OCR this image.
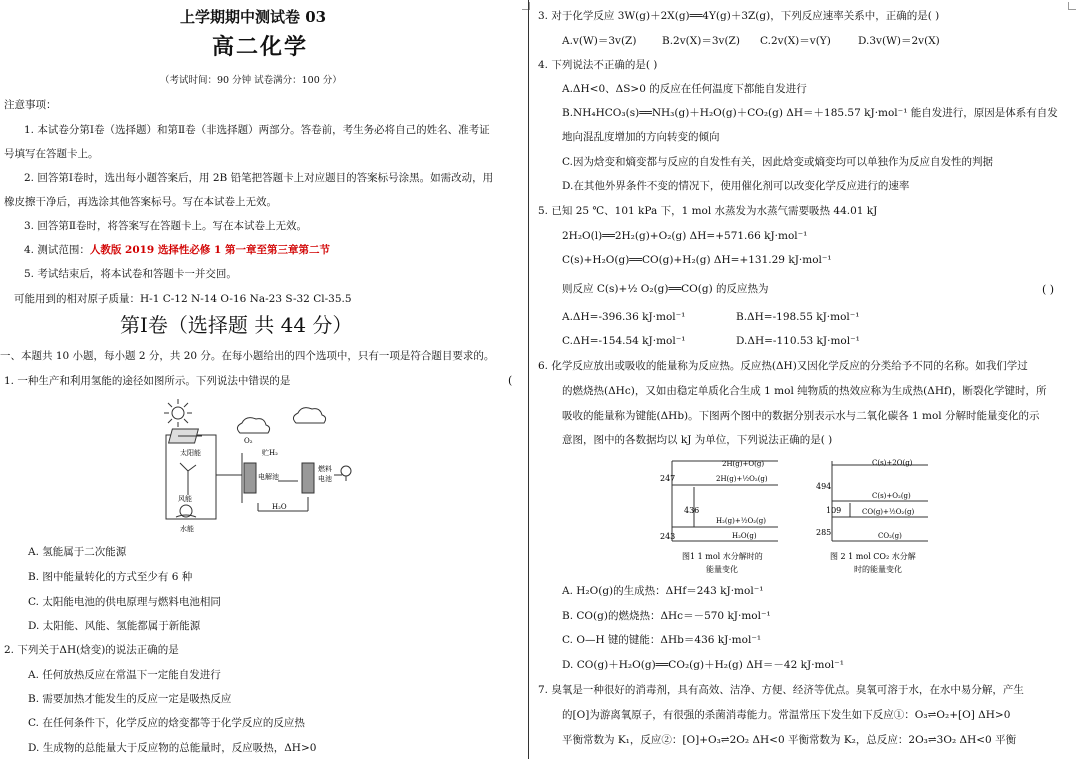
上学期期中测试卷 03
高二化学
（考试时间：90 分钟 试卷满分：100 分）
注意事项：
1. 本试卷分第Ⅰ卷（选择题）和第Ⅱ卷（非选择题）两部分。答卷前，考生务必将自己的姓名、准考证
号填写在答题卡上。
2. 回答第Ⅰ卷时，选出每小题答案后，用 2B 铅笔把答题卡上对应题目的答案标号涂黑。如需改动，用
橡皮擦干净后，再选涂其他答案标号。写在本试卷上无效。
3. 回答第Ⅱ卷时，将答案写在答题卡上。写在本试卷上无效。
4. 测试范围：人教版 2019 选择性必修 1 第一章至第三章第二节
5. 考试结束后，将本试卷和答题卡一并交回。
可能用到的相对原子质量：H-1 C-12 N-14 O-16 Na-23 S-32 Cl-35.5
第Ⅰ卷（选择题 共 44 分）
一、本题共 10 小题，每小题 2 分，共 20 分。在每小题给出的四个选项中，只有一项是符合题目要求的。
1. 一种生产和利用氢能的途径如图所示。下列说法中错误的是	(
太阳能
风能
水能
O₂
贮H₂
电解池
燃料
电池
H₂O
A. 氢能属于二次能源
B. 图中能量转化的方式至少有 6 种
C. 太阳能电池的供电原理与燃料电池相同
D. 太阳能、风能、氢能都属于新能源
2. 下列关于ΔH(焓变)的说法正确的是
A. 任何放热反应在常温下一定能自发进行
B. 需要加热才能发生的反应一定是吸热反应
C. 在任何条件下，化学反应的焓变都等于化学反应的反应热
D. 生成物的总能量大于反应物的总能量时，反应吸热，ΔH>0
3. 对于化学反应 3W(g)＋2X(g)══4Y(g)＋3Z(g)，下列反应速率关系中，正确的是( )
A.v(W)＝3v(Z) B.2v(X)＝3v(Z) C.2v(X)＝v(Y)	D.3v(W)＝2v(X)
4. 下列说法不正确的是( )
A.ΔH<0、ΔS>0 的反应在任何温度下都能自发进行
B.NH₄HCO₃(s)══NH₃(g)＋H₂O(g)＋CO₂(g) ΔH＝＋185.57 kJ·mol⁻¹ 能自发进行，原因是体系有自发
地向混乱度增加的方向转变的倾向
C.因为焓变和熵变都与反应的自发性有关，因此焓变或熵变均可以单独作为反应自发性的判据
D.在其他外界条件不变的情况下，使用催化剂可以改变化学反应进行的速率
5. 已知 25 ℃、101 kPa 下，1 mol 水蒸发为水蒸气需要吸热 44.01 kJ
2H₂O(l)══2H₂(g)+O₂(g) ΔH=+571.66 kJ·mol⁻¹
C(s)+H₂O(g)══CO(g)+H₂(g) ΔH=+131.29 kJ·mol⁻¹
则反应 C(s)+½ O₂(g)══CO(g) 的反应热为	( )
A.ΔH=-396.36 kJ·mol⁻¹	B.ΔH=-198.55 kJ·mol⁻¹
C.ΔH=-154.54 kJ·mol⁻¹	D.ΔH=-110.53 kJ·mol⁻¹
6. 化学反应放出或吸收的能量称为反应热。反应热(ΔH)又因化学反应的分类给予不同的名称。如我们学过
的燃烧热(ΔHc)，又如由稳定单质化合生成 1 mol 纯物质的热效应称为生成热(ΔHf)，断裂化学键时，所
吸收的能量称为键能(ΔHb)。下图两个图中的数据分别表示水与二氧化碳各 1 mol 分解时能量变化的示
意图，图中的各数据均以 kJ 为单位，下列说法正确的是( )
2H(g)+O(g)
2H(g)+½O₂(g)
H₂(g)+½O₂(g)
H₂O(g)
247
436
243
图1 1 mol 水分解时的
能量变化
C(s)+2O(g)
C(s)+O₂(g)
CO(g)+½O₂(g)
CO₂(g)
494
109
285
图 2 1 mol CO₂ 水分解
时的能量变化
A. H₂O(g)的生成热：ΔHf＝243 kJ·mol⁻¹
B. CO(g)的燃烧热：ΔHc＝－570 kJ·mol⁻¹
C. O—H 键的键能：ΔHb＝436 kJ·mol⁻¹
D. CO(g)＋H₂O(g)══CO₂(g)＋H₂(g) ΔH＝－42 kJ·mol⁻¹
7. 臭氧是一种很好的消毒剂，具有高效、洁净、方便、经济等优点。臭氧可溶于水，在水中易分解，产生
的[O]为游离氧原子，有很强的杀菌消毒能力。常温常压下发生如下反应①：O₃⇌O₂+[O] ΔH>0
平衡常数为 K₁，反应②：[O]+O₃⇌2O₂ ΔH<0 平衡常数为 K₂，总反应：2O₃⇌3O₂ ΔH<0 平衡
